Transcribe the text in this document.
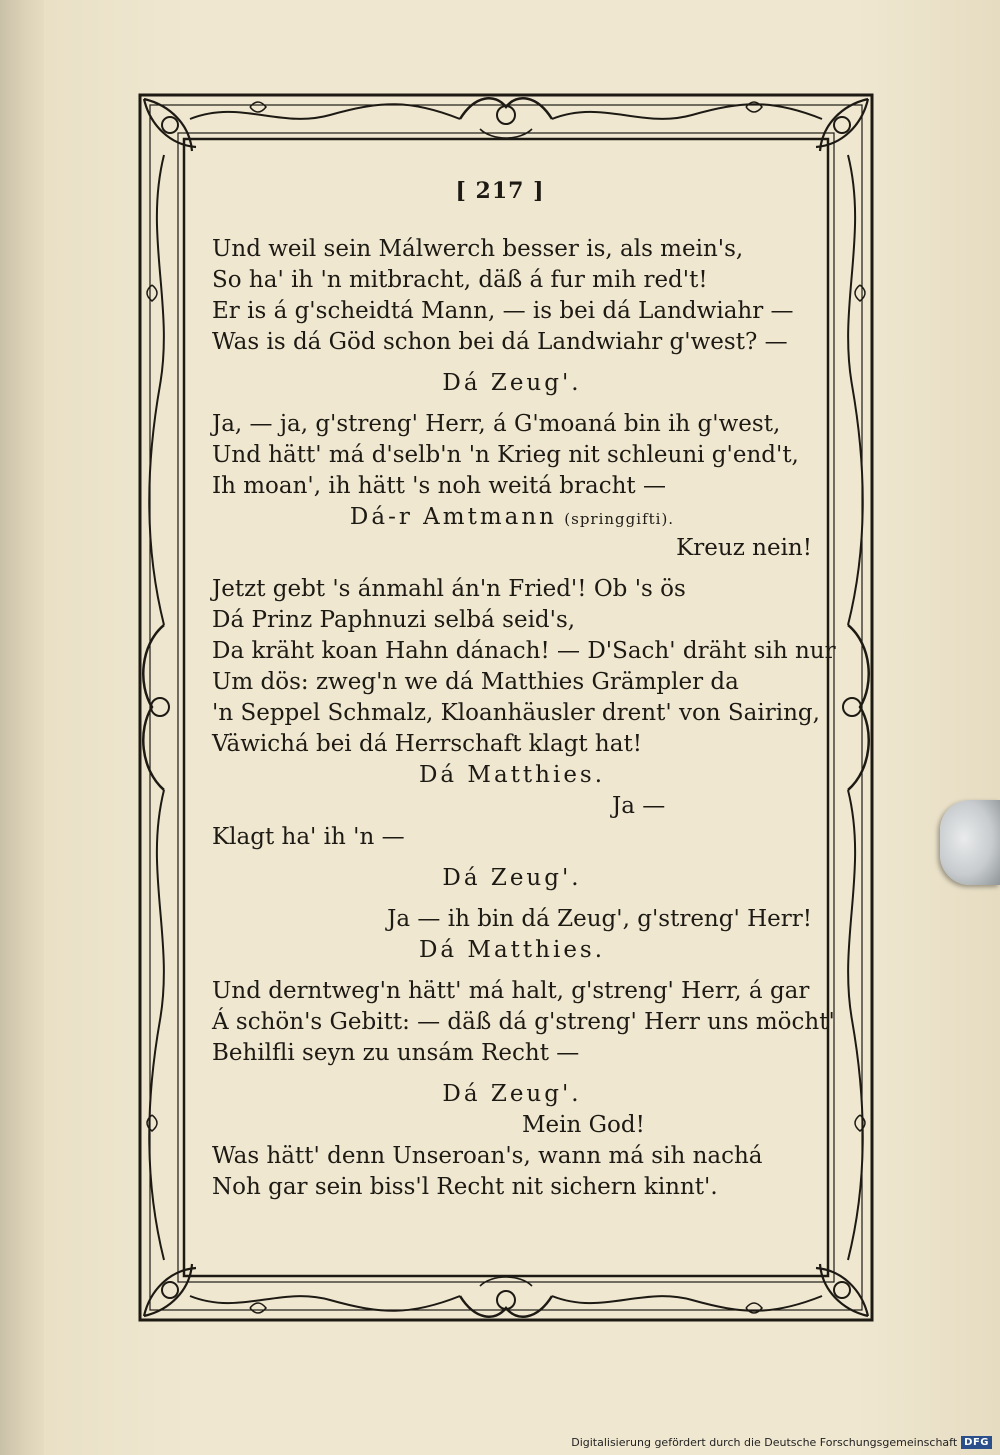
[ 217 ]
Und weil sein Málwerch besser is, als mein's,
So ha' ih 'n mitbracht, däß á fur mih red't!
Er is á g'scheidtá Mann, — is bei dá Landwiahr —
Was is dá Göd schon bei dá Landwiahr g'west? —
Dá Zeug'.
Ja, — ja, g'streng' Herr, á G'moaná bin ih g'west,
Und hätt' má d'selb'n 'n Krieg nit schleuni g'end't,
Ih moan', ih hätt 's noh weitá bracht —
Dá-r Amtmann (springgifti).
Kreuz nein!
Jetzt gebt 's ánmahl án'n Fried'! Ob 's ös
Dá Prinz Paphnuzi selbá seid's,
Da kräht koan Hahn dánach! — D'Sach' dräht sih nur
Um dös: zweg'n we dá Matthies Grämpler da
'n Seppel Schmalz, Kloanhäusler drent' von Sairing,
Väwichá bei dá Herrschaft klagt hat!
Dá Matthies.
Ja —
Klagt ha' ih 'n —
Dá Zeug'.
Ja — ih bin dá Zeug', g'streng' Herr!
Dá Matthies.
Und derntweg'n hätt' má halt, g'streng' Herr, á gar
Á schön's Gebitt: — däß dá g'streng' Herr uns möcht'
Behilfli seyn zu unsám Recht —
Dá Zeug'.
Mein God!
Was hätt' denn Unseroan's, wann má sih nachá
Noh gar sein biss'l Recht nit sichern kinnt'.
Digitalisierung gefördert durch die Deutsche Forschungsgemeinschaft DFG
